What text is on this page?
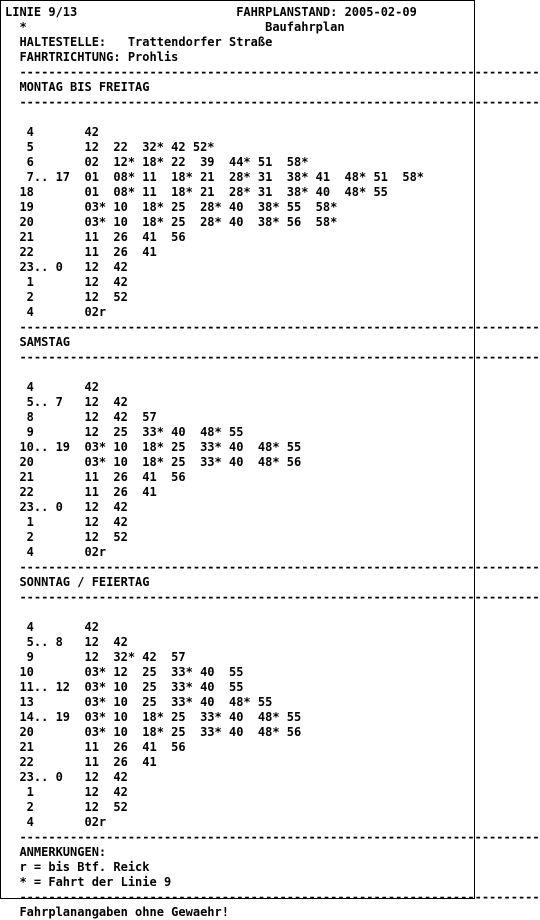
LINIE 9/13	FAHRPLANSTAND: 2005-02-09
*	Baufahrplan
HALTESTELLE:   Trattendorfer Straße
FAHRTRICHTUNG: Prohlis
------------------------------------------------------------------------
MONTAG BIS FREITAG
------------------------------------------------------------------------

4       42
5       12  22  32* 42 52*
6       02  12* 18* 22  39  44* 51  58*
7.. 17  01  08* 11  18* 21  28* 31  38* 41  48* 51  58*
18       01  08* 11  18* 21  28* 31  38* 40  48* 55
19       03* 10  18* 25  28* 40  38* 55  58*
20       03* 10  18* 25  28* 40  38* 56  58*
21       11  26  41  56
22       11  26  41
23.. 0   12  42
1       12  42
2       12  52
4       02r
------------------------------------------------------------------------
SAMSTAG
------------------------------------------------------------------------

4       42
5.. 7   12  42
8       12  42  57
9       12  25  33* 40  48* 55
10.. 19  03* 10  18* 25  33* 40  48* 55
20       03* 10  18* 25  33* 40  48* 56
21       11  26  41  56
22       11  26  41
23.. 0   12  42
1       12  42
2       12  52
4       02r
------------------------------------------------------------------------
SONNTAG / FEIERTAG
------------------------------------------------------------------------

4       42
5.. 8   12  42
9       12  32* 42  57
10       03* 12  25  33* 40  55
11.. 12  03* 10  25  33* 40  55
13       03* 10  25  33* 40  48* 55
14.. 19  03* 10  18* 25  33* 40  48* 55
20       03* 10  18* 25  33* 40  48* 56
21       11  26  41  56
22       11  26  41
23.. 0   12  42
1       12  42
2       12  52
4       02r
------------------------------------------------------------------------
ANMERKUNGEN:
r = bis Btf. Reick
* = Fahrt der Linie 9
------------------------------------------------------------------------
Fahrplanangaben ohne Gewaehr!
